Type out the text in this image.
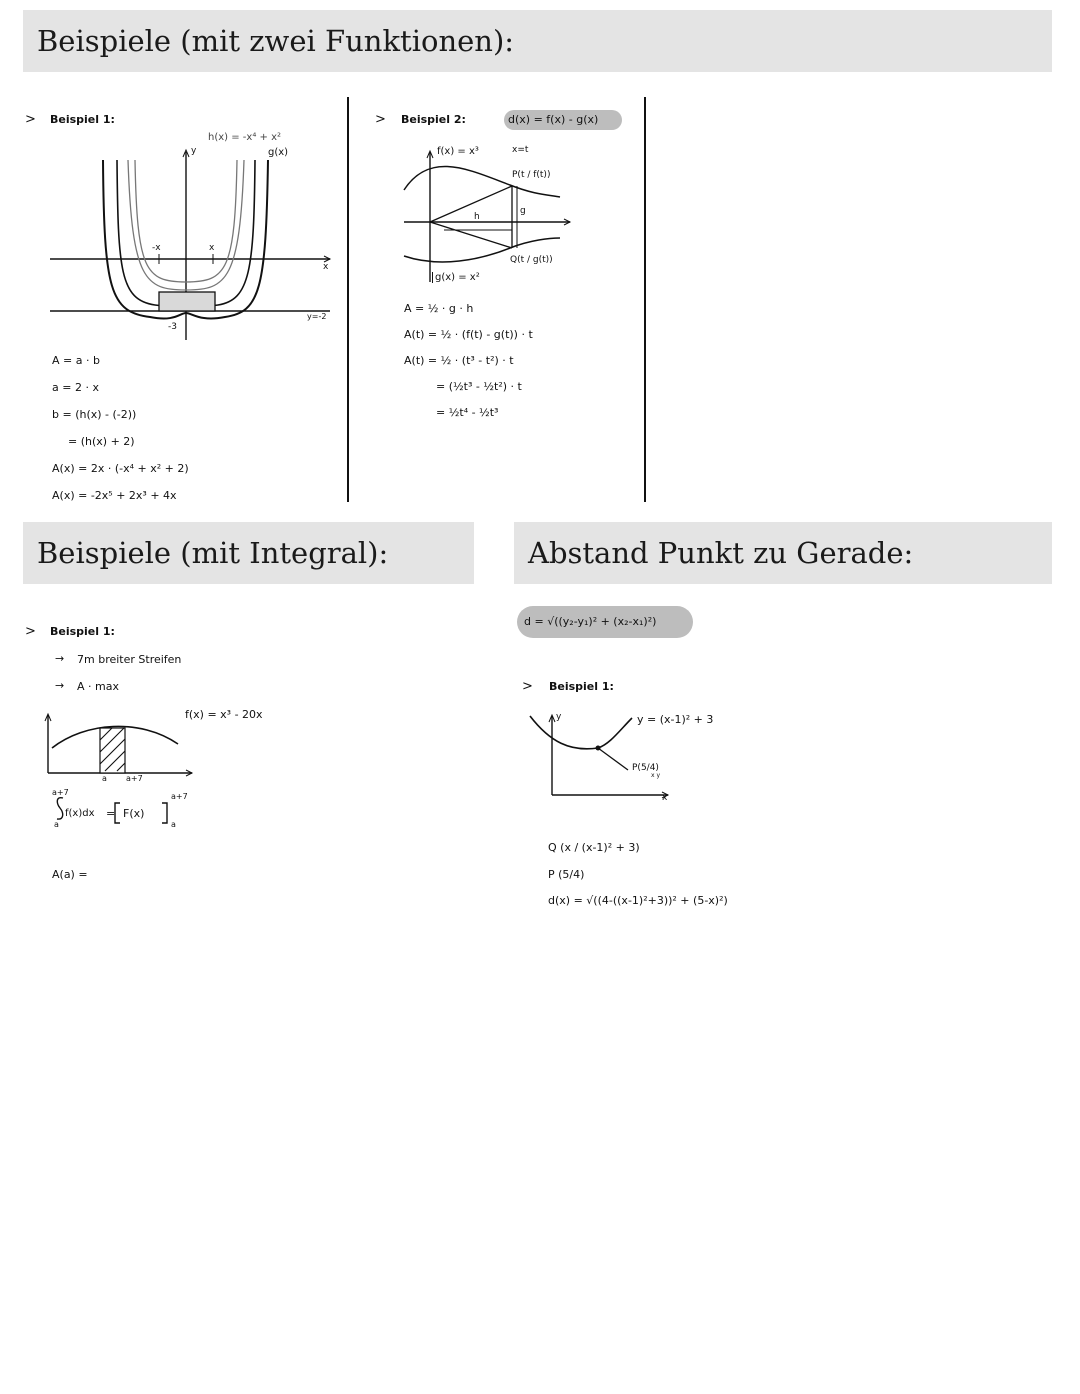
Beispiele (mit zwei Funktionen):
> Beispiel 1:
h(x) = -x⁴ + x²
g(x)
y
x
-x	x
-3
y=-2
A = a · b
a = 2 · x
b = (h(x) - (-2))
= (h(x) + 2)
A(x) = 2x · (-x⁴ + x² + 2)
A(x) = -2x⁵ + 2x³ + 4x
> Beispiel 2:	d(x) = f(x) - g(x)
f(x) = x³	x=t
P(t / f(t))
h
g
Q(t / g(t))
g(x) = x²
A = ½ · g · h
A(t) = ½ · (f(t) - g(t)) · t
A(t) = ½ · (t³ - t²) · t
= (½t³ - ½t²) · t
= ½t⁴ - ½t³
Beispiele (mit Integral):	Abstand Punkt zu Gerade:
> Beispiel 1:
→ 7m breiter Streifen
→ A · max
f(x) = x³ - 20x
a a+7
a+7
a
f(x)dx = F(x)
a+7
a
A(a) =
d = √((y₂-y₁)² + (x₂-x₁)²)
> Beispiel 1:
y
x
y = (x-1)² + 3
P(5/4)
x y
Q (x / (x-1)² + 3)
P (5/4)
d(x) = √((4-((x-1)²+3))² + (5-x)²)
